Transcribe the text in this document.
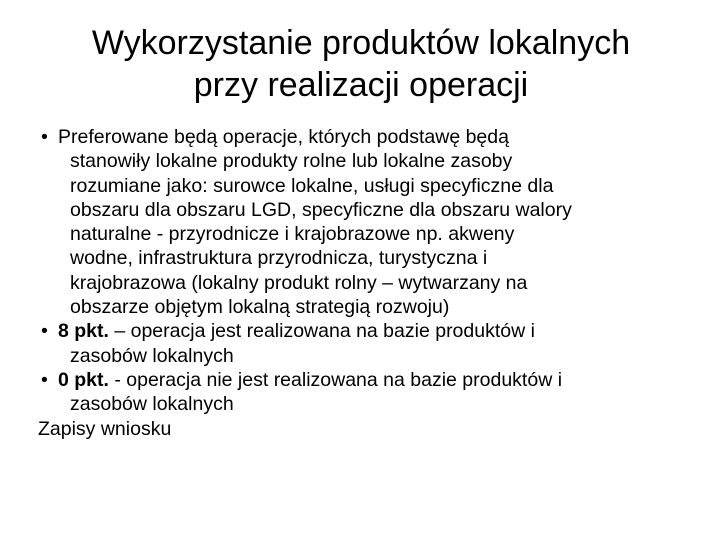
Wykorzystanie produktów lokalnych
przy realizacji operacji
• Preferowane będą operacje, których podstawę będą
stanowiły lokalne produkty rolne lub lokalne zasoby
rozumiane jako: surowce lokalne, usługi specyficzne dla
obszaru dla obszaru LGD, specyficzne dla obszaru walory
naturalne - przyrodnicze i krajobrazowe np. akweny
wodne, infrastruktura przyrodnicza, turystyczna i
krajobrazowa (lokalny produkt rolny – wytwarzany na
obszarze objętym lokalną strategią rozwoju)
• 8 pkt. – operacja jest realizowana na bazie produktów i
zasobów lokalnych
• 0 pkt. - operacja nie jest realizowana na bazie produktów i
zasobów lokalnych

Zapisy wniosku
